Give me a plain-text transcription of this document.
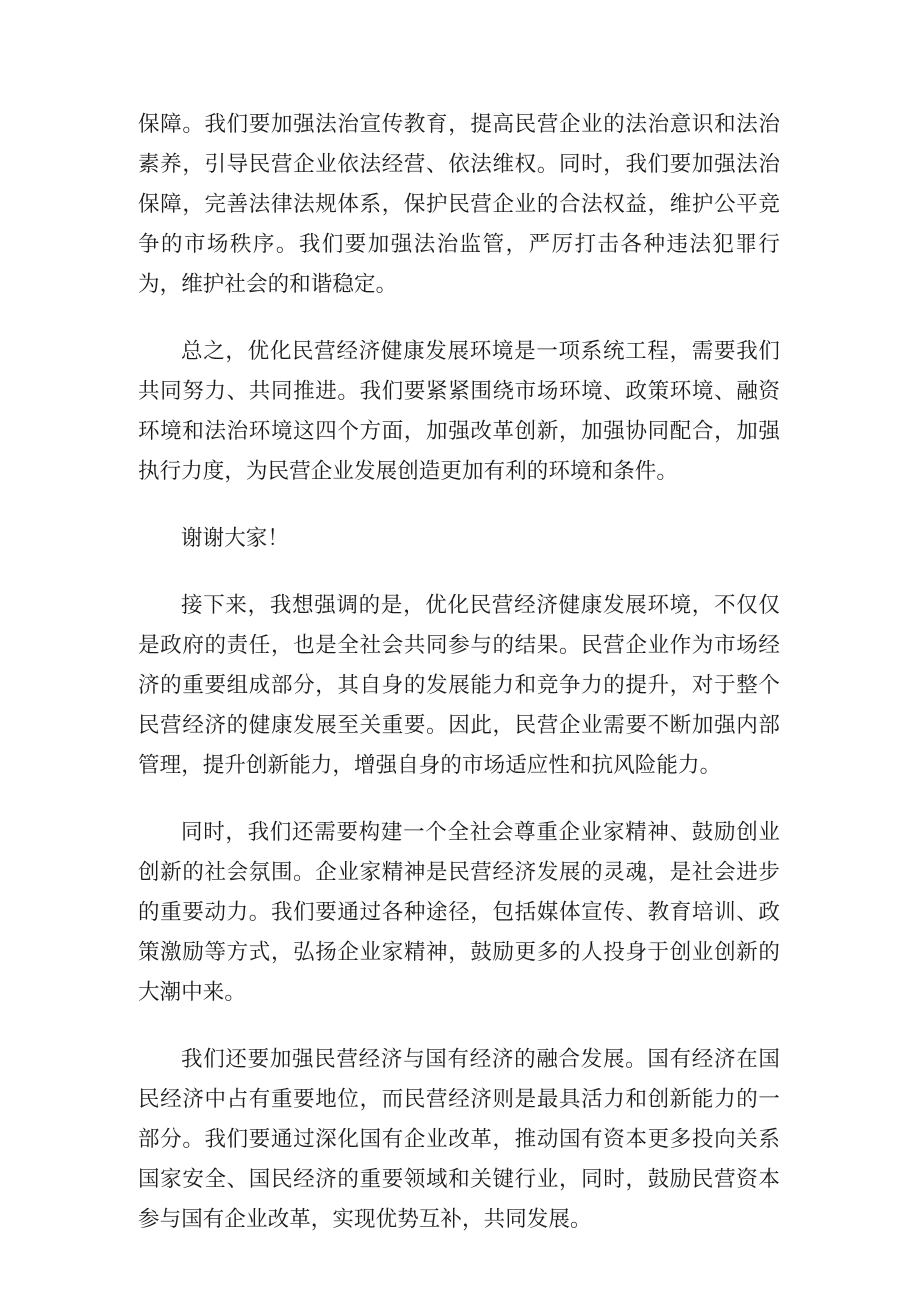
保障。我们要加强法治宣传教育，提高民营企业的法治意识和法治素养，引导民营企业依法经营、依法维权。同时，我们要加强法治保障，完善法律法规体系，保护民营企业的合法权益，维护公平竞争的市场秩序。我们要加强法治监管，严厉打击各种违法犯罪行为，维护社会的和谐稳定。

总之，优化民营经济健康发展环境是一项系统工程，需要我们共同努力、共同推进。我们要紧紧围绕市场环境、政策环境、融资环境和法治环境这四个方面，加强改革创新，加强协同配合，加强执行力度，为民营企业发展创造更加有利的环境和条件。

谢谢大家！

接下来，我想强调的是，优化民营经济健康发展环境，不仅仅是政府的责任，也是全社会共同参与的结果。民营企业作为市场经济的重要组成部分，其自身的发展能力和竞争力的提升，对于整个民营经济的健康发展至关重要。因此，民营企业需要不断加强内部管理，提升创新能力，增强自身的市场适应性和抗风险能力。

同时，我们还需要构建一个全社会尊重企业家精神、鼓励创业创新的社会氛围。企业家精神是民营经济发展的灵魂，是社会进步的重要动力。我们要通过各种途径，包括媒体宣传、教育培训、政策激励等方式，弘扬企业家精神，鼓励更多的人投身于创业创新的大潮中来。

我们还要加强民营经济与国有经济的融合发展。国有经济在国民经济中占有重要地位，而民营经济则是最具活力和创新能力的一部分。我们要通过深化国有企业改革，推动国有资本更多投向关系国家安全、国民经济的重要领域和关键行业，同时，鼓励民营资本参与国有企业改革，实现优势互补，共同发展。
